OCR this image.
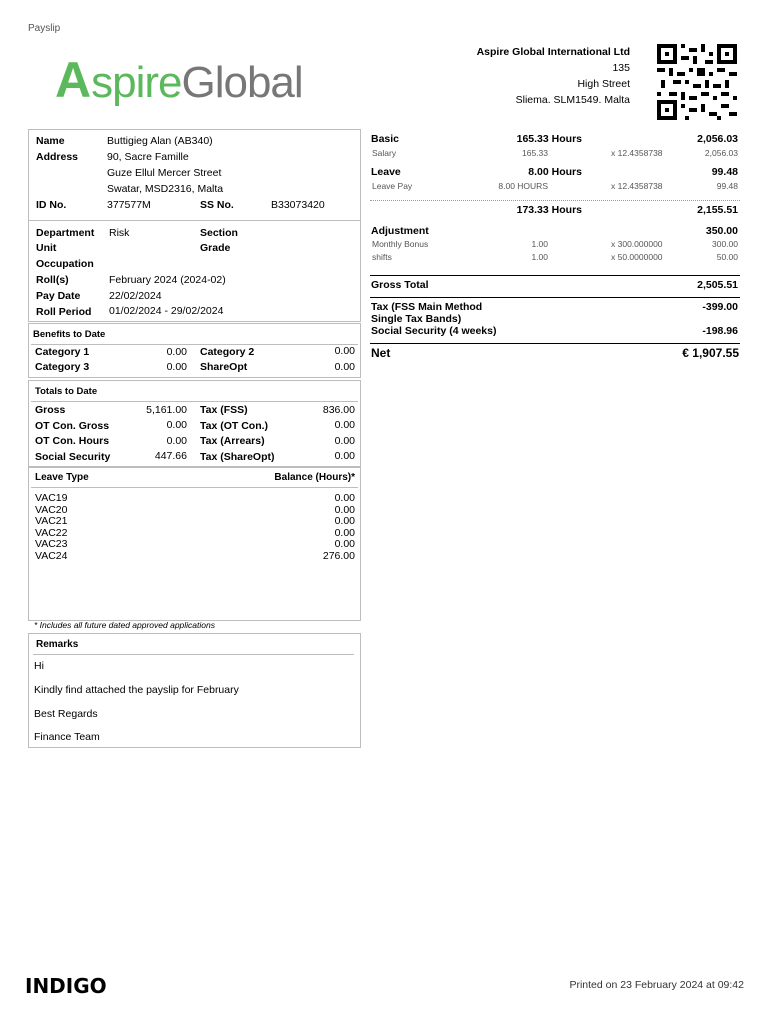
Payslip
AspireGlobal
Aspire Global International Ltd
135
High Street
Sliema. SLM1549. Malta
Name	Buttigieg Alan (AB340)
Address	90, Sacre Famille
Guze Ellul Mercer Street
Swatar, MSD2316, Malta
ID No.	377577M	SS No.	B33073420
Department Risk	Section
Unit	Grade
Occupation
Roll(s)	February 2024 (2024-02)
Pay Date	22/02/2024
Roll Period 01/02/2024 - 29/02/2024
Benefits to Date
Category 1	0.00 Category 2	0.00
Category 3	0.00 ShareOpt	0.00
Totals to Date
Gross	5,161.00 Tax (FSS)	836.00
OT Con. Gross	0.00 Tax (OT Con.)	0.00
OT Con. Hours	0.00 Tax (Arrears)	0.00
Social Security	447.66 Tax (ShareOpt)	0.00
Leave Type	Balance (Hours)*
VAC19	0.00
VAC20	0.00
VAC21	0.00
VAC22	0.00
VAC23	0.00
VAC24	276.00
* Includes all future dated approved applications
Remarks
Hi
Kindly find attached the payslip for February
Best Regards
Finance Team
Basic	165.33 Hours	2,056.03
Salary	165.33	x 12.4358738	2,056.03
Leave	8.00 Hours	99.48
Leave Pay	8.00 HOURS	x 12.4358738	99.48
173.33 Hours	2,155.51
Adjustment	350.00
Monthly Bonus	1.00	x 300.000000	300.00
shifts	1.00	x 50.0000000	50.00
Gross Total	2,505.51
Tax (FSS Main Method
Single Tax Bands)
-399.00
Social Security (4 weeks)	-198.96
Net	€ 1,907.55
INDIGO	Printed on 23 February 2024 at 09:42
